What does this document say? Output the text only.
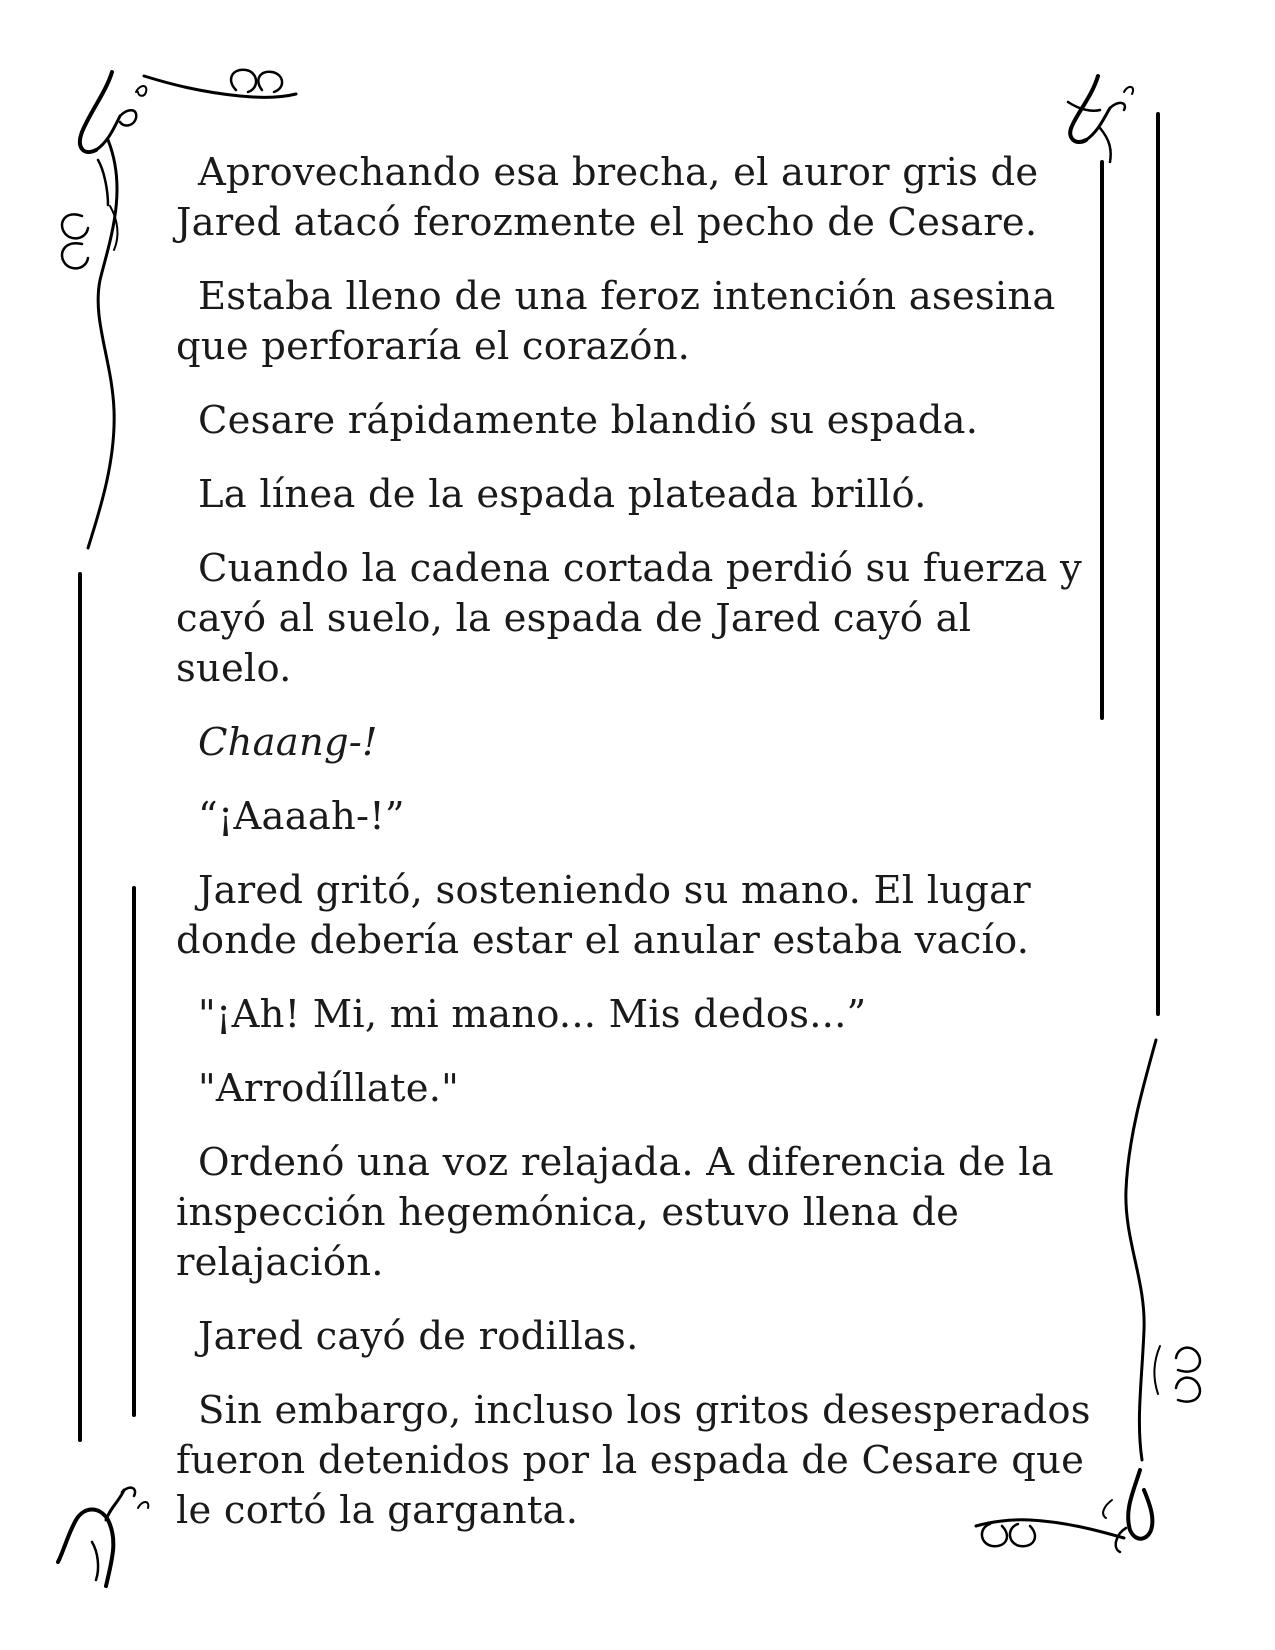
Aprovechando esa brecha, el auror gris de Jared atacó ferozmente el pecho de Cesare.

Estaba lleno de una feroz intención asesina que perforaría el corazón.

Cesare rápidamente blandió su espada.

La línea de la espada plateada brilló.

Cuando la cadena cortada perdió su fuerza y cayó al suelo, la espada de Jared cayó al suelo.

Chaang-!

“¡Aaaah-!”

Jared gritó, sosteniendo su mano. El lugar donde debería estar el anular estaba vacío.

"¡Ah! Mi, mi mano... Mis dedos...”

"Arrodíllate."

Ordenó una voz relajada. A diferencia de la inspección hegemónica, estuvo llena de relajación.

Jared cayó de rodillas.

Sin embargo, incluso los gritos desesperados fueron detenidos por la espada de Cesare que le cortó la garganta.
